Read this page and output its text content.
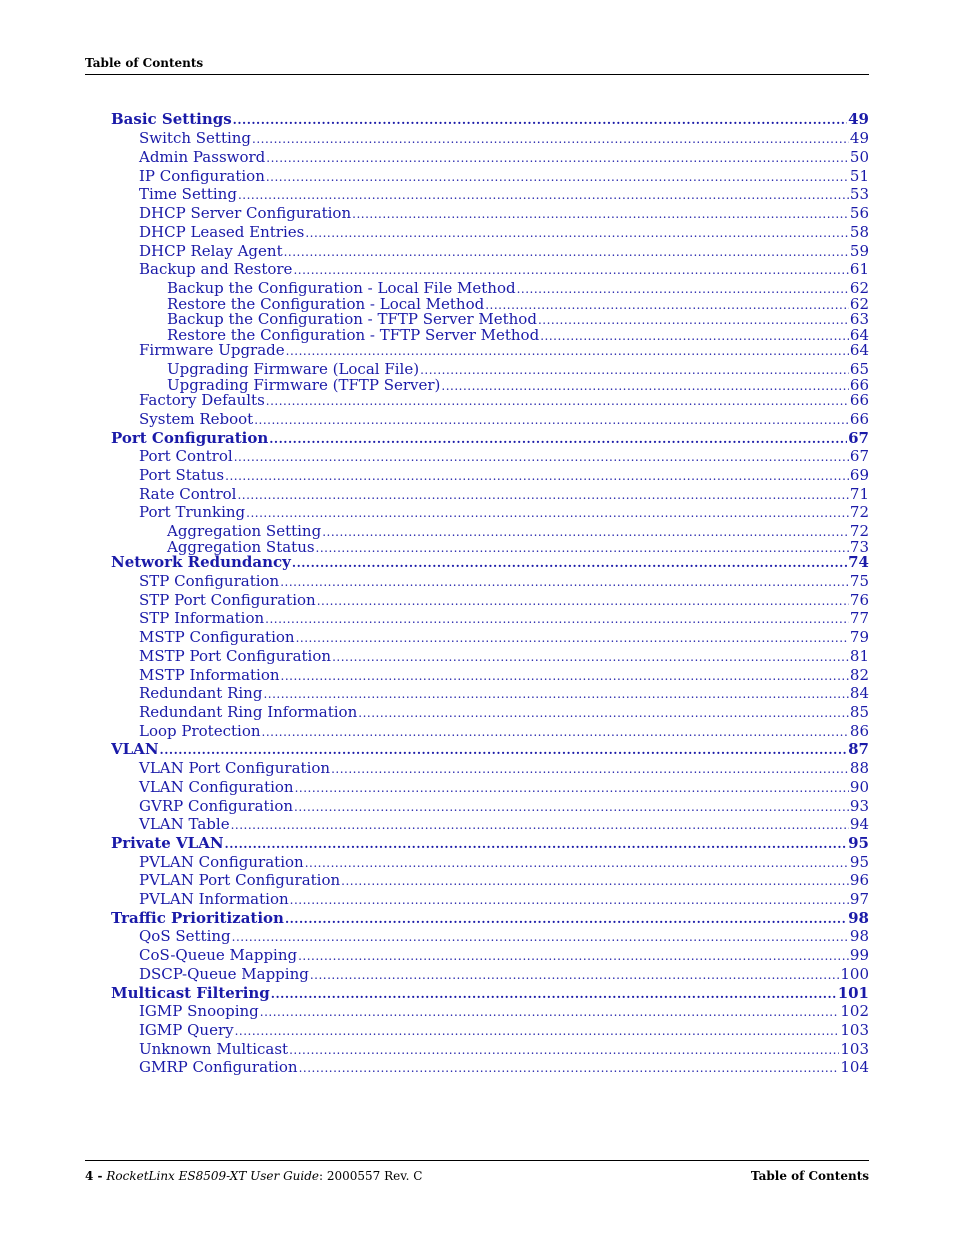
Table of Contents
Basic Settings .....	49
Switch Setting .....	49
Admin Password .....	50
IP Configuration .....	51
Time Setting .....	53
DHCP Server Configuration .....	56
DHCP Leased Entries .....	58
DHCP Relay Agent .....	59
Backup and Restore .....	61
Backup the Configuration - Local File Method .....	62
Restore the Configuration - Local Method .....	62
Backup the Configuration - TFTP Server Method .....	63
Restore the Configuration - TFTP Server Method .....	64
Firmware Upgrade .....	64
Upgrading Firmware (Local File) .....	65
Upgrading Firmware (TFTP Server) .....	66
Factory Defaults .....	66
System Reboot .....	66
Port Configuration .....	67
Port Control .....	67
Port Status .....	69
Rate Control .....	71
Port Trunking .....	72
Aggregation Setting .....	72
Aggregation Status .....	73
Network Redundancy .....	74
STP Configuration .....	75
STP Port Configuration .....	76
STP Information .....	77
MSTP Configuration .....	79
MSTP Port Configuration .....	81
MSTP Information .....	82
Redundant Ring .....	84
Redundant Ring Information .....	85
Loop Protection .....	86
VLAN .....	87
VLAN Port Configuration .....	88
VLAN Configuration .....	90
GVRP Configuration .....	93
VLAN Table .....	94
Private VLAN .....	95
PVLAN Configuration .....	95
PVLAN Port Configuration .....	96
PVLAN Information .....	97
Traffic Prioritization .....	98
QoS Setting .....	98
CoS-Queue Mapping .....	99
DSCP-Queue Mapping .....	100
Multicast Filtering .....	101
IGMP Snooping .....	102
IGMP Query .....	103
Unknown Multicast .....	103
GMRP Configuration .....	104
4 - RocketLinx ES8509-XT User Guide: 2000557 Rev. C	Table of Contents
